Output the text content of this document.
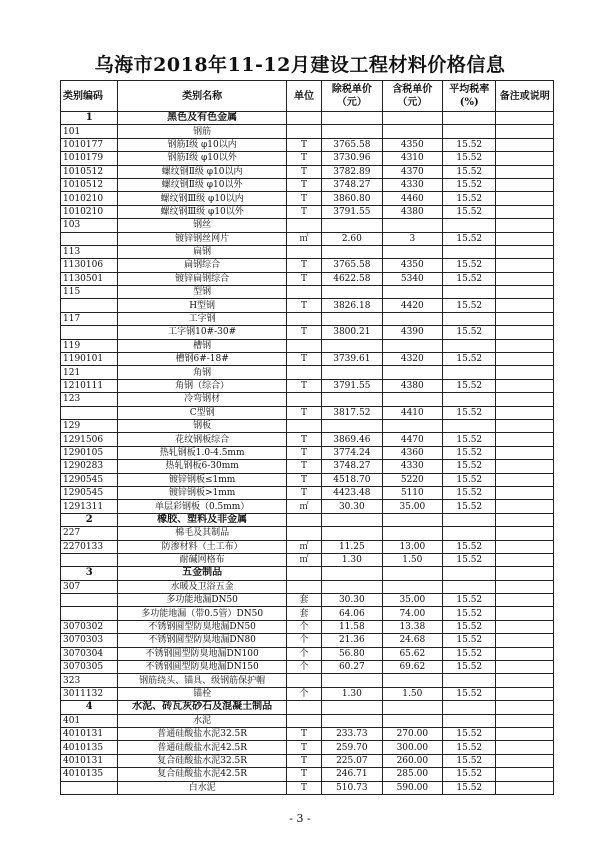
乌海市2018年11-12月建设工程材料价格信息
类别编码	类别名称	单位	除税单价（元）	含税单价（元）	平均税率(%)	备注或说明
1	黑色及有色金属					
101	钢筋					
1010177	钢筋Ⅰ级 φ10以内	T	3765.58	4350	15.52	
1010179	钢筋Ⅰ级 φ10以外	T	3730.96	4310	15.52	
1010512	螺纹钢Ⅱ级 φ10以内	T	3782.89	4370	15.52	
1010512	螺纹钢Ⅱ级 φ10以外	T	3748.27	4330	15.52	
1010210	螺纹钢Ⅲ级 φ10以内	T	3860.80	4460	15.52	
1010210	螺纹钢Ⅲ级 φ10以外	T	3791.55	4380	15.52	
103	钢丝					
	镀锌钢丝网片	㎡	2.60	3	15.52	
113	扁钢					
1130106	扁钢综合	T	3765.58	4350	15.52	
1130501	镀锌扁钢综合	T	4622.58	5340	15.52	
115	型钢					
	H型钢	T	3826.18	4420	15.52	
117	工字钢					
	工字钢10#-30#	T	3800.21	4390	15.52	
119	槽钢					
1190101	槽钢6#-18#	T	3739.61	4320	15.52	
121	角钢					
1210111	角钢（综合）	T	3791.55	4380	15.52	
123	冷弯钢材					
	C型钢	T	3817.52	4410	15.52	
129	钢板					
1291506	花纹钢板综合	T	3869.46	4470	15.52	
1290105	热轧钢板1.0-4.5mm	T	3774.24	4360	15.52	
1290283	热轧钢板6-30mm	T	3748.27	4330	15.52	
1290545	镀锌钢板≤1mm	T	4518.70	5220	15.52	
1290545	镀锌钢板>1mm	T	4423.48	5110	15.52	
1291311	单层彩钢板（0.5mm）	㎡	30.30	35.00	15.52	
2	橡胶、塑料及非金属					
227	棉毛及其制品					
2270133	防渗材料（土工布）	㎡	11.25	13.00	15.52	
	耐碱网格布	㎡	1.30	1.50	15.52	
3	五金制品					
307	水暖及卫浴五金					
	多功能地漏DN50	套	30.30	35.00	15.52	
	多功能地漏（带0.5管）DN50	套	64.06	74.00	15.52	
3070302	不锈钢圆型防臭地漏DN50	个	11.58	13.38	15.52	
3070303	不锈钢圆型防臭地漏DN80	个	21.36	24.68	15.52	
3070304	不锈钢圆型防臭地漏DN100	个	56.80	65.62	15.52	
3070305	不锈钢圆型防臭地漏DN150	个	60.27	69.62	15.52	
323	钢筋绕头、锚具、级钢筋保护帽					
3011132	锚栓	个	1.30	1.50	15.52	
4	水泥、砖瓦灰砂石及混凝土制品					
401	水泥					
4010131	普通硅酸盐水泥32.5R	T	233.73	270.00	15.52	
4010135	普通硅酸盐水泥42.5R	T	259.70	300.00	15.52	
4010131	复合硅酸盐水泥32.5R	T	225.07	260.00	15.52	
4010135	复合硅酸盐水泥42.5R	T	246.71	285.00	15.52	
	白水泥	T	510.73	590.00	15.52	
- 3 -
